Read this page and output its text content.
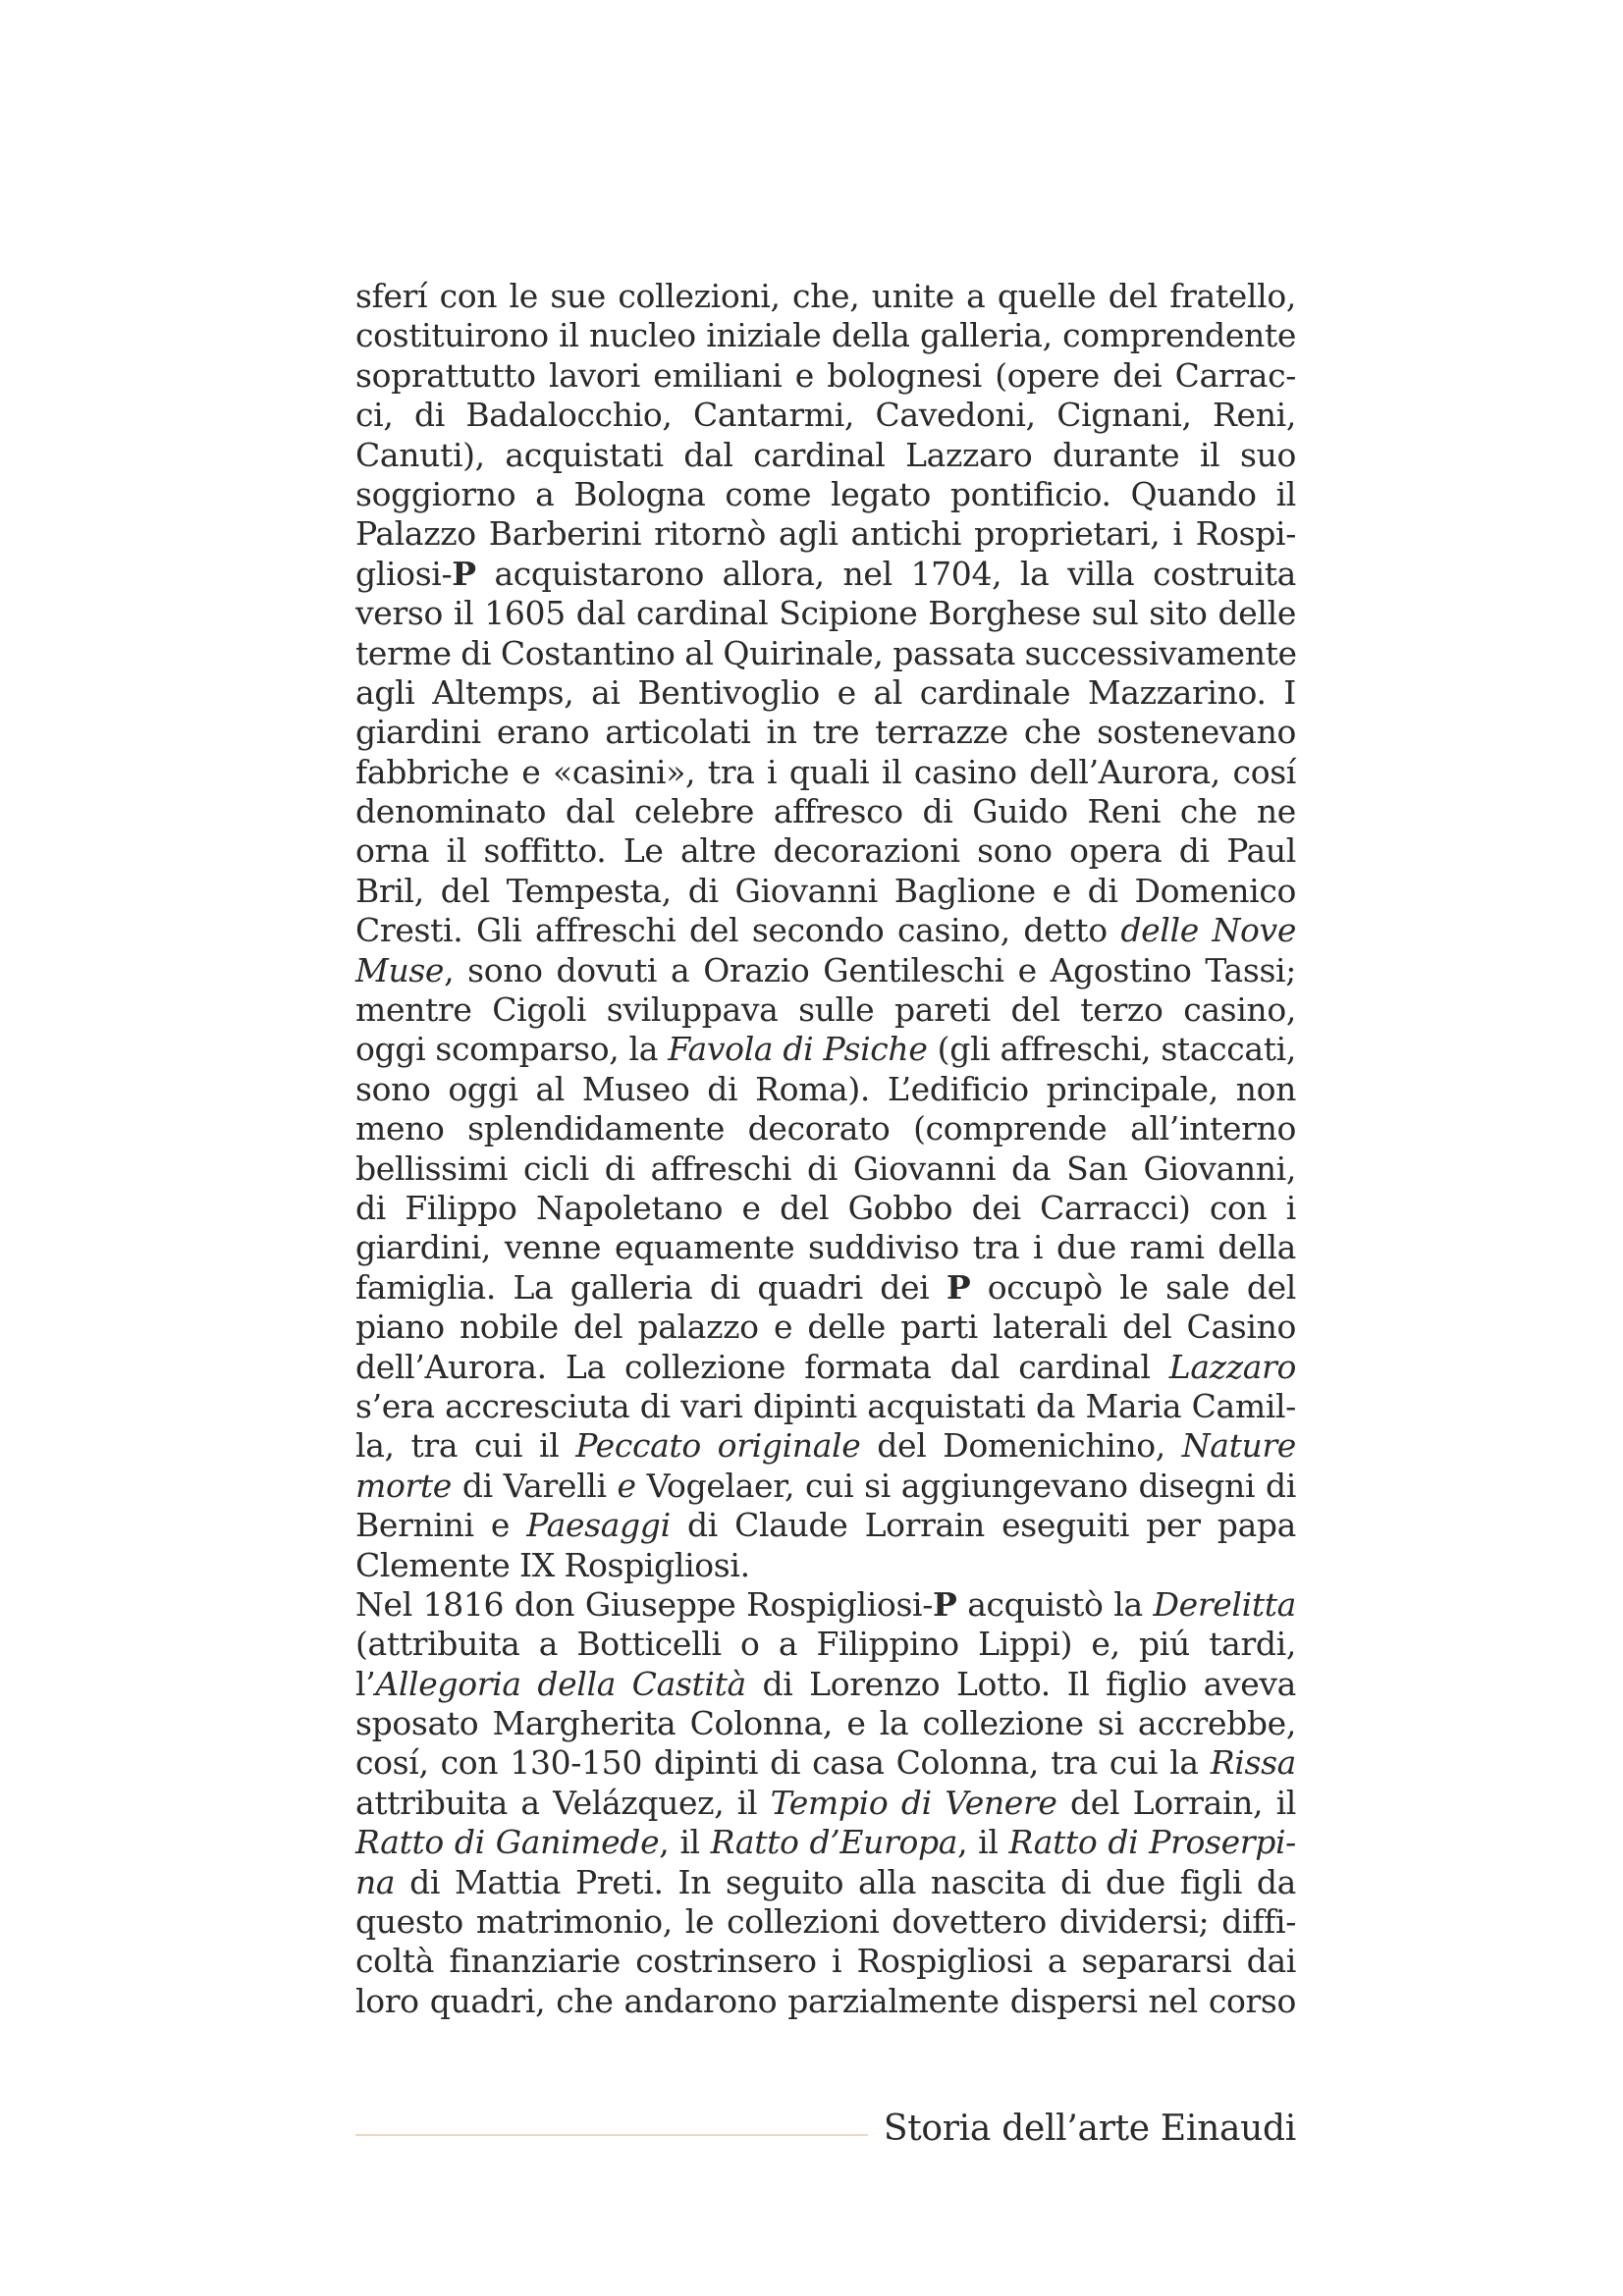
sferí con le sue collezioni, che, unite a quelle del fratello,
costituirono il nucleo iniziale della galleria, comprendente
soprattutto lavori emiliani e bolognesi (opere dei Carrac-
ci, di Badalocchio, Cantarmi, Cavedoni, Cignani, Reni,
Canuti), acquistati dal cardinal Lazzaro durante il suo
soggiorno a Bologna come legato pontificio. Quando il
Palazzo Barberini ritornò agli antichi proprietari, i Rospi-
gliosi-P acquistarono allora, nel 1704, la villa costruita
verso il 1605 dal cardinal Scipione Borghese sul sito delle
terme di Costantino al Quirinale, passata successivamente
agli Altemps, ai Bentivoglio e al cardinale Mazzarino. I
giardini erano articolati in tre terrazze che sostenevano
fabbriche e «casini», tra i quali il casino dell’Aurora, cosí
denominato dal celebre affresco di Guido Reni che ne
orna il soffitto. Le altre decorazioni sono opera di Paul
Bril, del Tempesta, di Giovanni Baglione e di Domenico
Cresti. Gli affreschi del secondo casino, detto delle Nove
Muse, sono dovuti a Orazio Gentileschi e Agostino Tassi;
mentre Cigoli sviluppava sulle pareti del terzo casino,
oggi scomparso, la Favola di Psiche (gli affreschi, staccati,
sono oggi al Museo di Roma). L’edificio principale, non
meno splendidamente decorato (comprende all’interno
bellissimi cicli di affreschi di Giovanni da San Giovanni,
di Filippo Napoletano e del Gobbo dei Carracci) con i
giardini, venne equamente suddiviso tra i due rami della
famiglia. La galleria di quadri dei P occupò le sale del
piano nobile del palazzo e delle parti laterali del Casino
dell’Aurora. La collezione formata dal cardinal Lazzaro
s’era accresciuta di vari dipinti acquistati da Maria Camil-
la, tra cui il Peccato originale del Domenichino, Nature
morte di Varelli e Vogelaer, cui si aggiungevano disegni di
Bernini e Paesaggi di Claude Lorrain eseguiti per papa
Clemente IX Rospigliosi.
Nel 1816 don Giuseppe Rospigliosi-P acquistò la Derelitta
(attribuita a Botticelli o a Filippino Lippi) e, piú tardi,
l’Allegoria della Castità di Lorenzo Lotto. Il figlio aveva
sposato Margherita Colonna, e la collezione si accrebbe,
cosí, con 130-150 dipinti di casa Colonna, tra cui la Rissa
attribuita a Velázquez, il Tempio di Venere del Lorrain, il
Ratto di Ganimede, il Ratto d’Europa, il Ratto di Proserpi-
na di Mattia Preti. In seguito alla nascita di due figli da
questo matrimonio, le collezioni dovettero dividersi; diffi-
coltà finanziarie costrinsero i Rospigliosi a separarsi dai
loro quadri, che andarono parzialmente dispersi nel corso
Storia dell’arte Einaudi
